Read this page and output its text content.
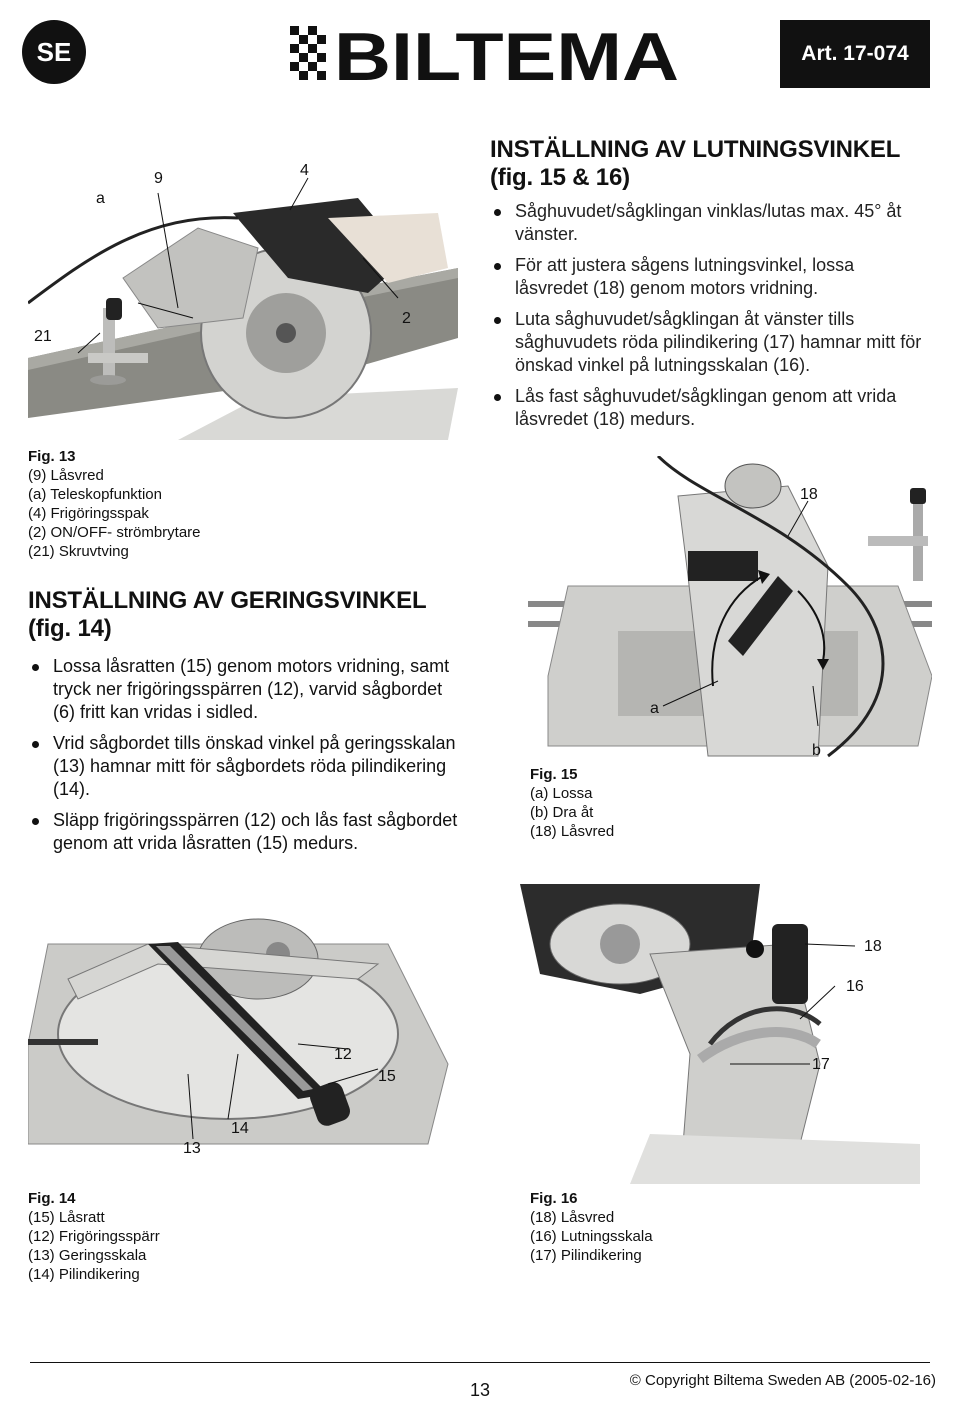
SE	BILTEMA	Art. 17-074
a
9	4
21
2
Fig. 13
(9) Låsvred
(a) Teleskopfunktion
(4) Frigöringsspak
(2) ON/OFF- strömbrytare
(21) Skruvtving
INSTÄLLNING AV LUTNINGSVINKEL
(fig. 15 & 16)
Såghuvudet/sågklingan vinklas/lutas max. 45° åt vänster.
För att justera sågens lutningsvinkel, lossa låsvredet (18) genom motors vridning.
Luta såghuvudet/sågklingan åt vänster tills såghuvudets röda pilindikering (17) hamnar mitt för önskad vinkel på lutningsskalan (16).
Lås fast såghuvudet/sågklingan genom att vrida låsvredet (18) medurs.
INSTÄLLNING AV GERINGSVINKEL
(fig. 14)
Lossa låsratten (15) genom motors vridning, samt tryck ner frigöringsspärren (12), varvid sågbordet (6) fritt kan vridas i sidled.
Vrid sågbordet tills önskad vinkel på geringsskalan (13) hamnar mitt för sågbordets röda pilindikering (14).
Släpp frigöringsspärren (12) och lås fast sågbordet genom att vrida låsratten (15) medurs.
18
a
b
Fig. 15
(a) Lossa
(b) Dra åt
(18) Låsvred
12
15
14
13
18
16
17
Fig. 14
(15) Låsratt
(12) Frigöringsspärr
(13) Geringsskala
(14) Pilindikering
Fig. 16
(18) Låsvred
(16) Lutningsskala
(17) Pilindikering
13	© Copyright Biltema Sweden AB (2005-02-16)
